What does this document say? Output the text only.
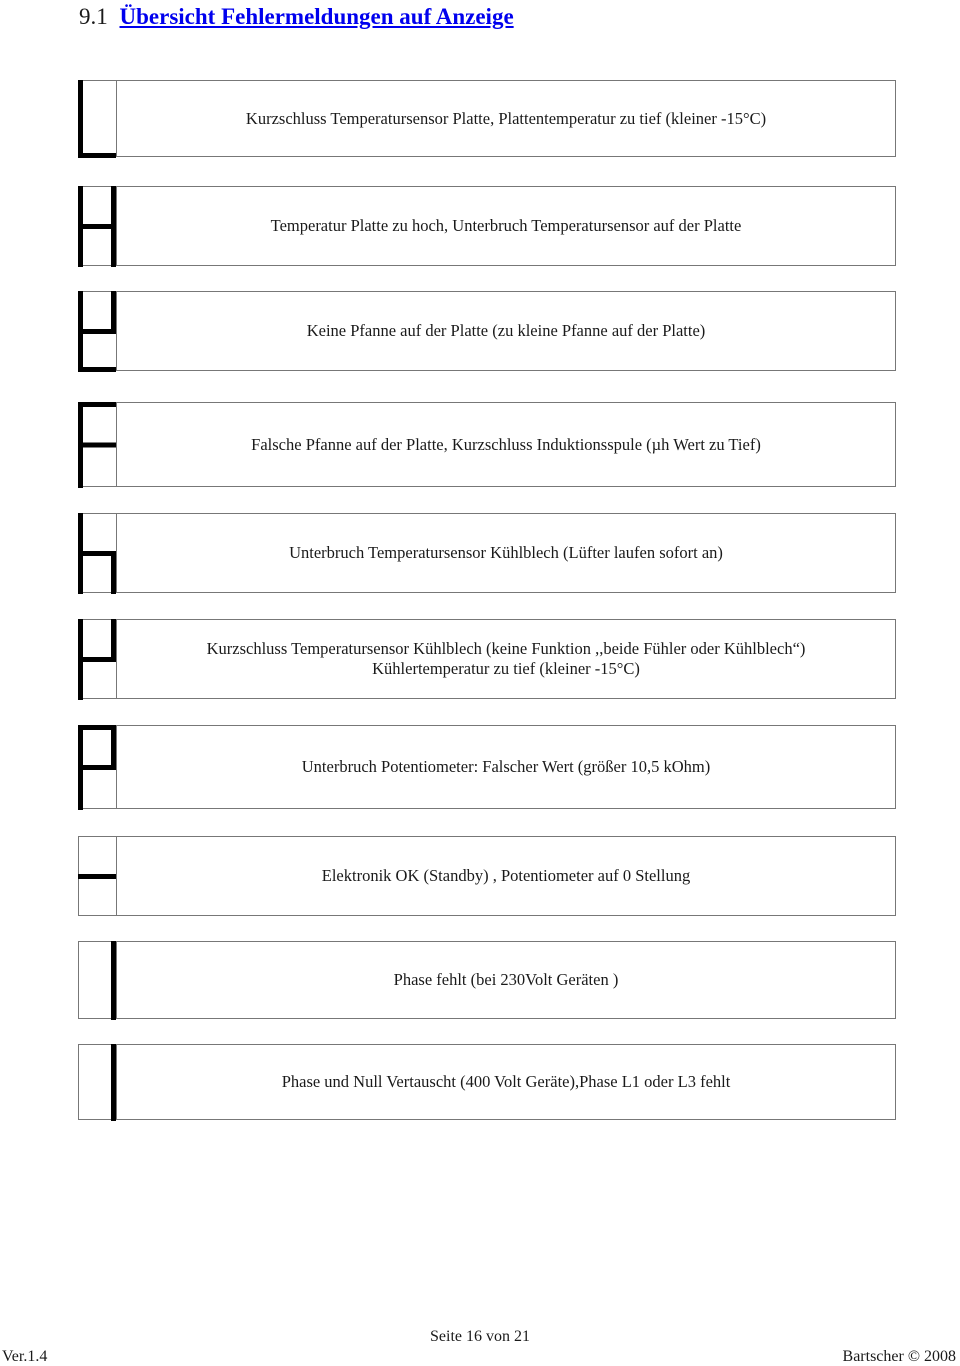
9.1 Übersicht Fehlermeldungen auf Anzeige
Kurzschluss Temperatursensor Platte, Plattentemperatur zu tief (kleiner -15°C)
Temperatur Platte zu hoch, Unterbruch Temperatursensor auf der Platte
Keine Pfanne auf der Platte (zu kleine Pfanne auf der Platte)
Falsche Pfanne auf der Platte, Kurzschluss Induktionsspule (µh Wert zu Tief)
Unterbruch Temperatursensor Kühlblech (Lüfter laufen sofort an)
Kurzschluss Temperatursensor Kühlblech (keine Funktion ,,beide Fühler oder Kühlblech“)
Kühlertemperatur zu tief (kleiner -15°C)
Unterbruch Potentiometer: Falscher Wert (größer 10,5 kOhm)
Elektronik OK (Standby) , Potentiometer auf 0 Stellung
Phase fehlt (bei 230Volt Geräten )
Phase und Null Vertauscht (400 Volt Geräte),Phase L1 oder L3 fehlt
Seite 16 von 21
Ver.1.4	Bartscher © 2008
